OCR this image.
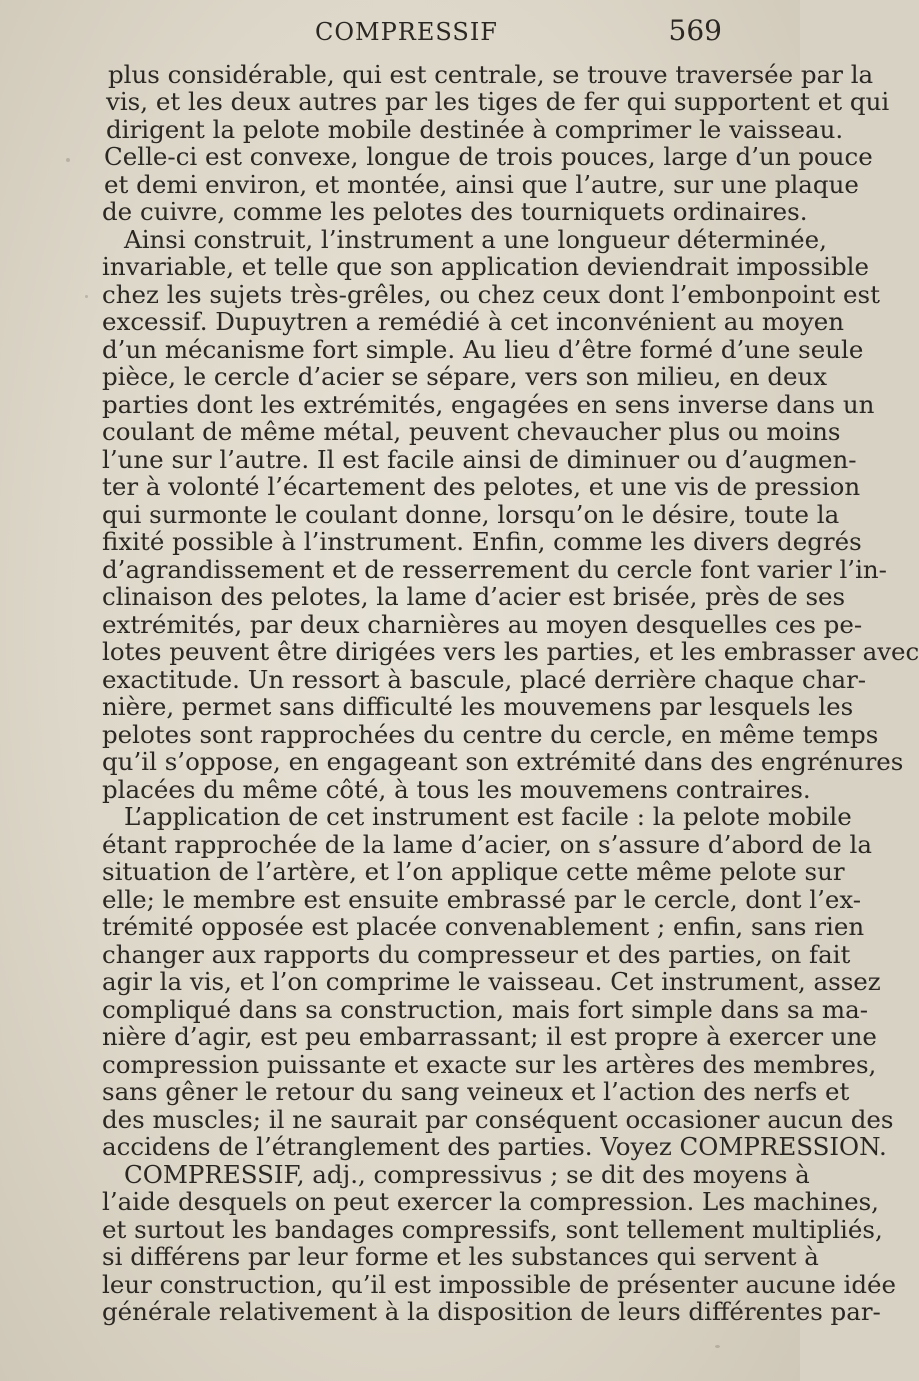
COMPRESSIF	569
plus considérable, qui est centrale, se trouve traversée par la
vis, et les deux autres par les tiges de fer qui supportent et qui
dirigent la pelote mobile destinée à comprimer le vaisseau.
Celle-ci est convexe, longue de trois pouces, large d’un pouce
et demi environ, et montée, ainsi que l’autre, sur une plaque
de cuivre, comme les pelotes des tourniquets ordinaires.
Ainsi construit, l’instrument a une longueur déterminée,
invariable, et telle que son application deviendrait impossible
chez les sujets très-grêles, ou chez ceux dont l’embonpoint est
excessif. Dupuytren a remédié à cet inconvénient au moyen
d’un mécanisme fort simple. Au lieu d’être formé d’une seule
pièce, le cercle d’acier se sépare, vers son milieu, en deux
parties dont les extrémités, engagées en sens inverse dans un
coulant de même métal, peuvent chevaucher plus ou moins
l’une sur l’autre. Il est facile ainsi de diminuer ou d’augmen-
ter à volonté l’écartement des pelotes, et une vis de pression
qui surmonte le coulant donne, lorsqu’on le désire, toute la
fixité possible à l’instrument. Enfin, comme les divers degrés
d’agrandissement et de resserrement du cercle font varier l’in-
clinaison des pelotes, la lame d’acier est brisée, près de ses
extrémités, par deux charnières au moyen desquelles ces pe-
lotes peuvent être dirigées vers les parties, et les embrasser avec
exactitude. Un ressort à bascule, placé derrière chaque char-
nière, permet sans difficulté les mouvemens par lesquels les
pelotes sont rapprochées du centre du cercle, en même temps
qu’il s’oppose, en engageant son extrémité dans des engrénures
placées du même côté, à tous les mouvemens contraires.
L’application de cet instrument est facile : la pelote mobile
étant rapprochée de la lame d’acier, on s’assure d’abord de la
situation de l’artère, et l’on applique cette même pelote sur
elle; le membre est ensuite embrassé par le cercle, dont l’ex-
trémité opposée est placée convenablement ; enfin, sans rien
changer aux rapports du compresseur et des parties, on fait
agir la vis, et l’on comprime le vaisseau. Cet instrument, assez
compliqué dans sa construction, mais fort simple dans sa ma-
nière d’agir, est peu embarrassant; il est propre à exercer une
compression puissante et exacte sur les artères des membres,
sans gêner le retour du sang veineux et l’action des nerfs et
des muscles; il ne saurait par conséquent occasioner aucun des
accidens de l’étranglement des parties. Voyez COMPRESSION.
COMPRESSIF, adj., compressivus ; se dit des moyens à
l’aide desquels on peut exercer la compression. Les machines,
et surtout les bandages compressifs, sont tellement multipliés,
si différens par leur forme et les substances qui servent à
leur construction, qu’il est impossible de présenter aucune idée
générale relativement à la disposition de leurs différentes par-
